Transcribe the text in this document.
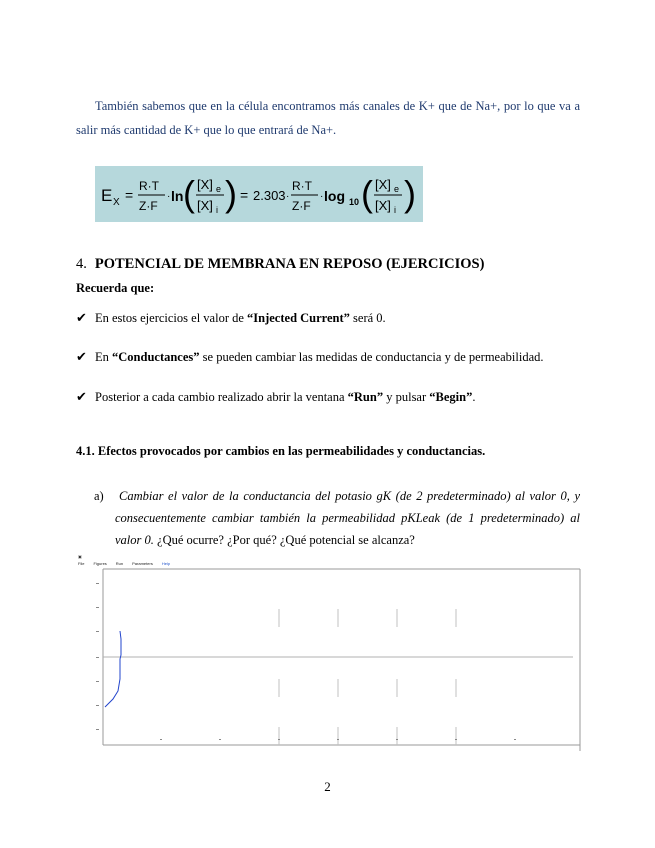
También sabemos que en la célula encontramos más canales de K+ que de Na+, por lo que va a salir más cantidad de K+ que lo que entrará de Na+.

E X =
R·T
Z·F
· ln ( [X] e
[X] i ) = 2.303 ·
R·T
Z·F
· log 10 ( [X] e
[X] i )
4. POTENCIAL DE MEMBRANA EN REPOSO (EJERCICIOS)

Recuerda que:

✔ En estos ejercicios el valor de “Injected Current” será 0.

✔ En “Conductances” se pueden cambiar las medidas de conductancia y de permeabilidad.

✔ Posterior a cada cambio realizado abrir la ventana “Run” y pulsar “Begin”.

4.1. Efectos provocados por cambios en las permeabilidades y conductancias.

a)	Cambiar el valor de la conductancia del potasio gK (de 2 predeterminado) al valor 0, y consecuentemente cambiar también la permeabilidad pKLeak (de 1 predeterminado) al valor 0. ¿Qué ocurre? ¿Por qué? ¿Qué potencial se alcanza?
▣
File Figures Run Parameters Help

2
